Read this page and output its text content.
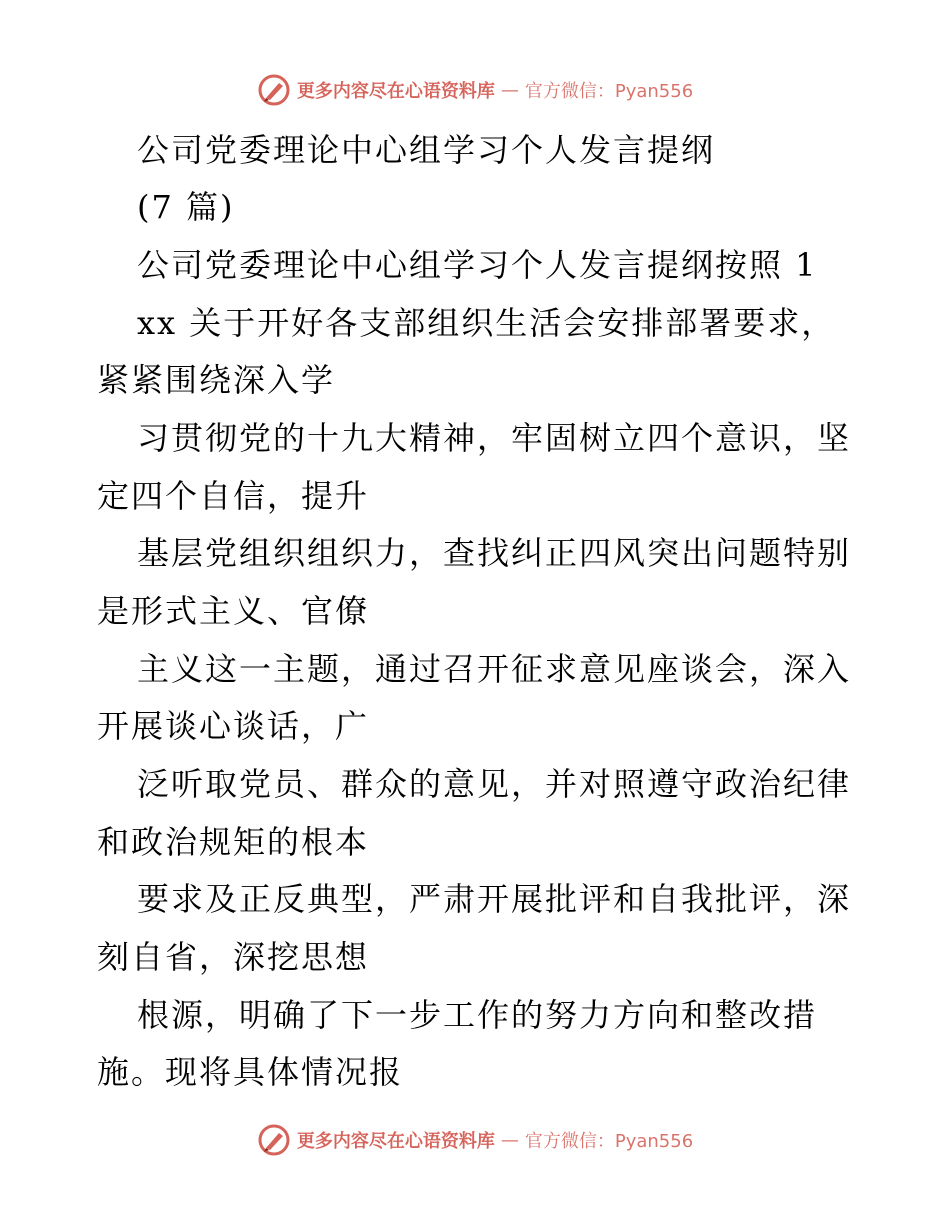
更多内容尽在心语资料库 — 官方微信：Pyan556
公司党委理论中心组学习个人发言提纲
(7 篇)
公司党委理论中心组学习个人发言提纲按照 1
xx 关于开好各支部组织生活会安排部署要求，
紧紧围绕深入学
习贯彻党的十九大精神，牢固树立四个意识，坚
定四个自信，提升
基层党组织组织力，查找纠正四风突出问题特别
是形式主义、官僚
主义这一主题，通过召开征求意见座谈会，深入
开展谈心谈话，广
泛听取党员、群众的意见，并对照遵守政治纪律
和政治规矩的根本
要求及正反典型，严肃开展批评和自我批评，深
刻自省，深挖思想
根源，明确了下一步工作的努力方向和整改措
施。现将具体情况报
更多内容尽在心语资料库 — 官方微信：Pyan556
